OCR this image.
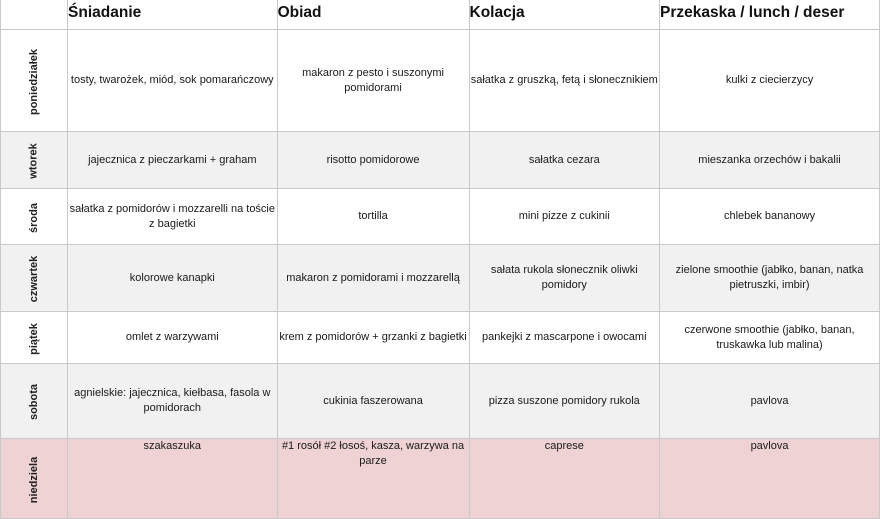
	Śniadanie	Obiad	Kolacja	Przekaska / lunch / deser
poniedziałek	tosty, twarożek, miód, sok pomarańczowy	makaron z pesto i suszonymi pomidorami	sałatka z gruszką, fetą i słonecznikiem	kulki z ciecierzycy
wtorek	jajecznica z pieczarkami + graham	risotto pomidorowe	sałatka cezara	mieszanka orzechów i bakalii
środa	sałatka z pomidorów i mozzarelli na toście z bagietki	tortilla	mini pizze z cukinii	chlebek bananowy
czwartek	kolorowe kanapki	makaron z pomidorami i mozzarellą	sałata rukola słonecznik oliwki pomidory	zielone smoothie (jabłko, banan, natka pietruszki, imbir)
piątek	omlet z warzywami	krem z pomidorów + grzanki z bagietki	pankejki z mascarpone i owocami	czerwone smoothie (jabłko, banan, truskawka lub malina)
sobota	agnielskie: jajecznica, kiełbasa, fasola w pomidorach	cukinia faszerowana	pizza suszone pomidory rukola	pavlova
niedziela	szakaszuka	#1 rosół #2 łosoś, kasza, warzywa na parze	caprese	pavlova
